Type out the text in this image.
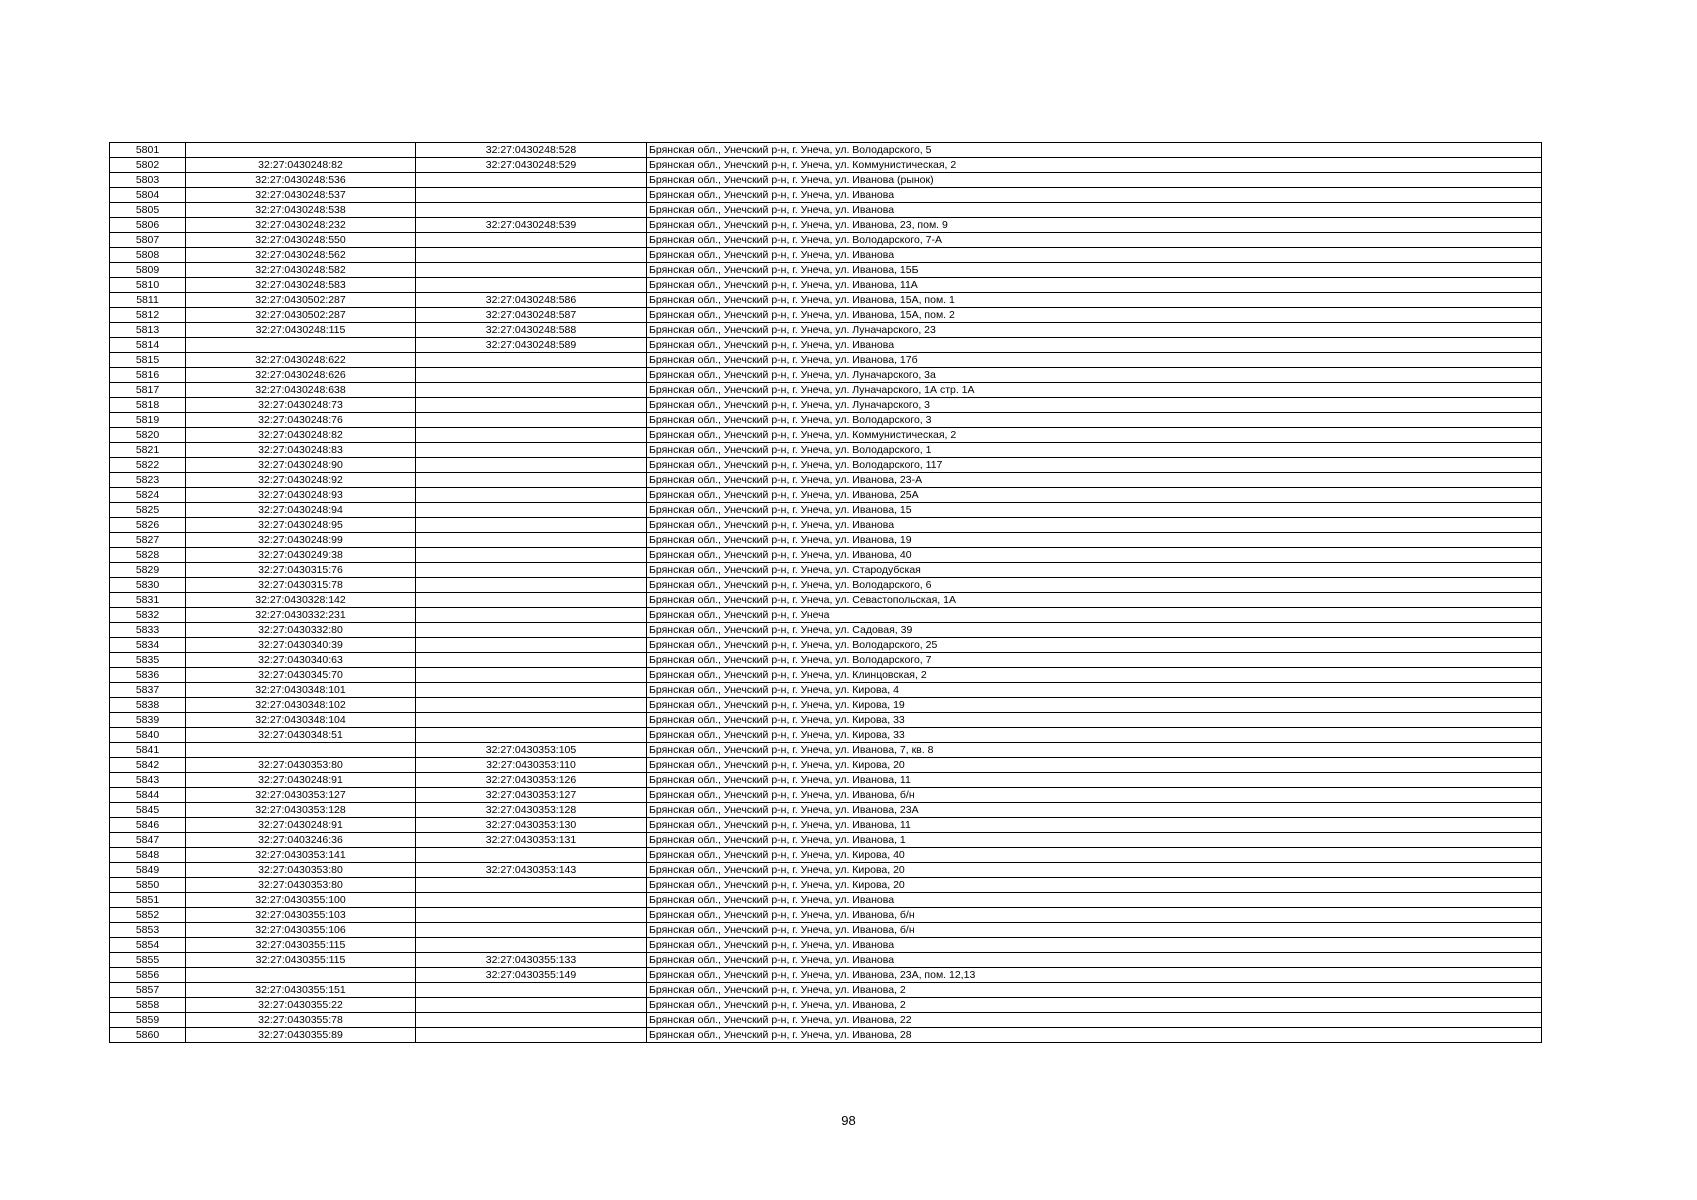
5801		32:27:0430248:528	Брянская обл., Унечский р-н, г. Унеча, ул. Володарского, 5
5802	32:27:0430248:82	32:27:0430248:529	Брянская обл., Унечский р-н, г. Унеча, ул. Коммунистическая, 2
5803	32:27:0430248:536		Брянская обл., Унечский р-н, г. Унеча, ул. Иванова (рынок)
5804	32:27:0430248:537		Брянская обл., Унечский р-н, г. Унеча, ул. Иванова
5805	32:27:0430248:538		Брянская обл., Унечский р-н, г. Унеча, ул. Иванова
5806	32:27:0430248:232	32:27:0430248:539	Брянская обл., Унечский р-н, г. Унеча, ул. Иванова, 23, пом. 9
5807	32:27:0430248:550		Брянская обл., Унечский р-н, г. Унеча, ул. Володарского, 7-А
5808	32:27:0430248:562		Брянская обл., Унечский р-н, г. Унеча, ул. Иванова
5809	32:27:0430248:582		Брянская обл., Унечский р-н, г. Унеча, ул. Иванова, 15Б
5810	32:27:0430248:583		Брянская обл., Унечский р-н, г. Унеча, ул. Иванова, 11А
5811	32:27:0430502:287	32:27:0430248:586	Брянская обл., Унечский р-н, г. Унеча, ул. Иванова, 15А, пом. 1
5812	32:27:0430502:287	32:27:0430248:587	Брянская обл., Унечский р-н, г. Унеча, ул. Иванова, 15А, пом. 2
5813	32:27:0430248:115	32:27:0430248:588	Брянская обл., Унечский р-н, г. Унеча, ул. Луначарского, 23
5814		32:27:0430248:589	Брянская обл., Унечский р-н, г. Унеча, ул. Иванова
5815	32:27:0430248:622		Брянская обл., Унечский р-н, г. Унеча, ул. Иванова, 17б
5816	32:27:0430248:626		Брянская обл., Унечский р-н, г. Унеча, ул. Луначарского, 3а
5817	32:27:0430248:638		Брянская обл., Унечский р-н, г. Унеча, ул. Луначарского, 1А стр. 1А
5818	32:27:0430248:73		Брянская обл., Унечский р-н, г. Унеча, ул. Луначарского, 3
5819	32:27:0430248:76		Брянская обл., Унечский р-н, г. Унеча, ул. Володарского, 3
5820	32:27:0430248:82		Брянская обл., Унечский р-н, г. Унеча, ул. Коммунистическая, 2
5821	32:27:0430248:83		Брянская обл., Унечский р-н, г. Унеча, ул. Володарского, 1
5822	32:27:0430248:90		Брянская обл., Унечский р-н, г. Унеча, ул. Володарского, 117
5823	32:27:0430248:92		Брянская обл., Унечский р-н, г. Унеча, ул. Иванова, 23-А
5824	32:27:0430248:93		Брянская обл., Унечский р-н, г. Унеча, ул. Иванова, 25А
5825	32:27:0430248:94		Брянская обл., Унечский р-н, г. Унеча, ул. Иванова, 15
5826	32:27:0430248:95		Брянская обл., Унечский р-н, г. Унеча, ул. Иванова
5827	32:27:0430248:99		Брянская обл., Унечский р-н, г. Унеча, ул. Иванова, 19
5828	32:27:0430249:38		Брянская обл., Унечский р-н, г. Унеча, ул. Иванова, 40
5829	32:27:0430315:76		Брянская обл., Унечский р-н, г. Унеча, ул. Стародубская
5830	32:27:0430315:78		Брянская обл., Унечский р-н, г. Унеча, ул. Володарского, 6
5831	32:27:0430328:142		Брянская обл., Унечский р-н, г. Унеча, ул. Севастопольская, 1А
5832	32:27:0430332:231		Брянская обл., Унечский р-н, г. Унеча
5833	32:27:0430332:80		Брянская обл., Унечский р-н, г. Унеча, ул. Садовая, 39
5834	32:27:0430340:39		Брянская обл., Унечский р-н, г. Унеча, ул. Володарского, 25
5835	32:27:0430340:63		Брянская обл., Унечский р-н, г. Унеча, ул. Володарского, 7
5836	32:27:0430345:70		Брянская обл., Унечский р-н, г. Унеча, ул. Клинцовская, 2
5837	32:27:0430348:101		Брянская обл., Унечский р-н, г. Унеча, ул. Кирова, 4
5838	32:27:0430348:102		Брянская обл., Унечский р-н, г. Унеча, ул. Кирова, 19
5839	32:27:0430348:104		Брянская обл., Унечский р-н, г. Унеча, ул. Кирова, 33
5840	32:27:0430348:51		Брянская обл., Унечский р-н, г. Унеча, ул. Кирова, 33
5841		32:27:0430353:105	Брянская обл., Унечский р-н, г. Унеча, ул. Иванова, 7, кв. 8
5842	32:27:0430353:80	32:27:0430353:110	Брянская обл., Унечский р-н, г. Унеча, ул. Кирова, 20
5843	32:27:0430248:91	32:27:0430353:126	Брянская обл., Унечский р-н, г. Унеча, ул. Иванова, 11
5844	32:27:0430353:127	32:27:0430353:127	Брянская обл., Унечский р-н, г. Унеча, ул. Иванова, б/н
5845	32:27:0430353:128	32:27:0430353:128	Брянская обл., Унечский р-н, г. Унеча, ул. Иванова, 23А
5846	32:27:0430248:91	32:27:0430353:130	Брянская обл., Унечский р-н, г. Унеча, ул. Иванова, 11
5847	32:27:0403246:36	32:27:0430353:131	Брянская обл., Унечский р-н, г. Унеча, ул. Иванова, 1
5848	32:27:0430353:141		Брянская обл., Унечский р-н, г. Унеча, ул. Кирова, 40
5849	32:27:0430353:80	32:27:0430353:143	Брянская обл., Унечский р-н, г. Унеча, ул. Кирова, 20
5850	32:27:0430353:80		Брянская обл., Унечский р-н, г. Унеча, ул. Кирова, 20
5851	32:27:0430355:100		Брянская обл., Унечский р-н, г. Унеча, ул. Иванова
5852	32:27:0430355:103		Брянская обл., Унечский р-н, г. Унеча, ул. Иванова, б/н
5853	32:27:0430355:106		Брянская обл., Унечский р-н, г. Унеча, ул. Иванова, б/н
5854	32:27:0430355:115		Брянская обл., Унечский р-н, г. Унеча, ул. Иванова
5855	32:27:0430355:115	32:27:0430355:133	Брянская обл., Унечский р-н, г. Унеча, ул. Иванова
5856		32:27:0430355:149	Брянская обл., Унечский р-н, г. Унеча, ул. Иванова, 23А, пом. 12,13
5857	32:27:0430355:151		Брянская обл., Унечский р-н, г. Унеча, ул. Иванова, 2
5858	32:27:0430355:22		Брянская обл., Унечский р-н, г. Унеча, ул. Иванова, 2
5859	32:27:0430355:78		Брянская обл., Унечский р-н, г. Унеча, ул. Иванова, 22
5860	32:27:0430355:89		Брянская обл., Унечский р-н, г. Унеча, ул. Иванова, 28
98
